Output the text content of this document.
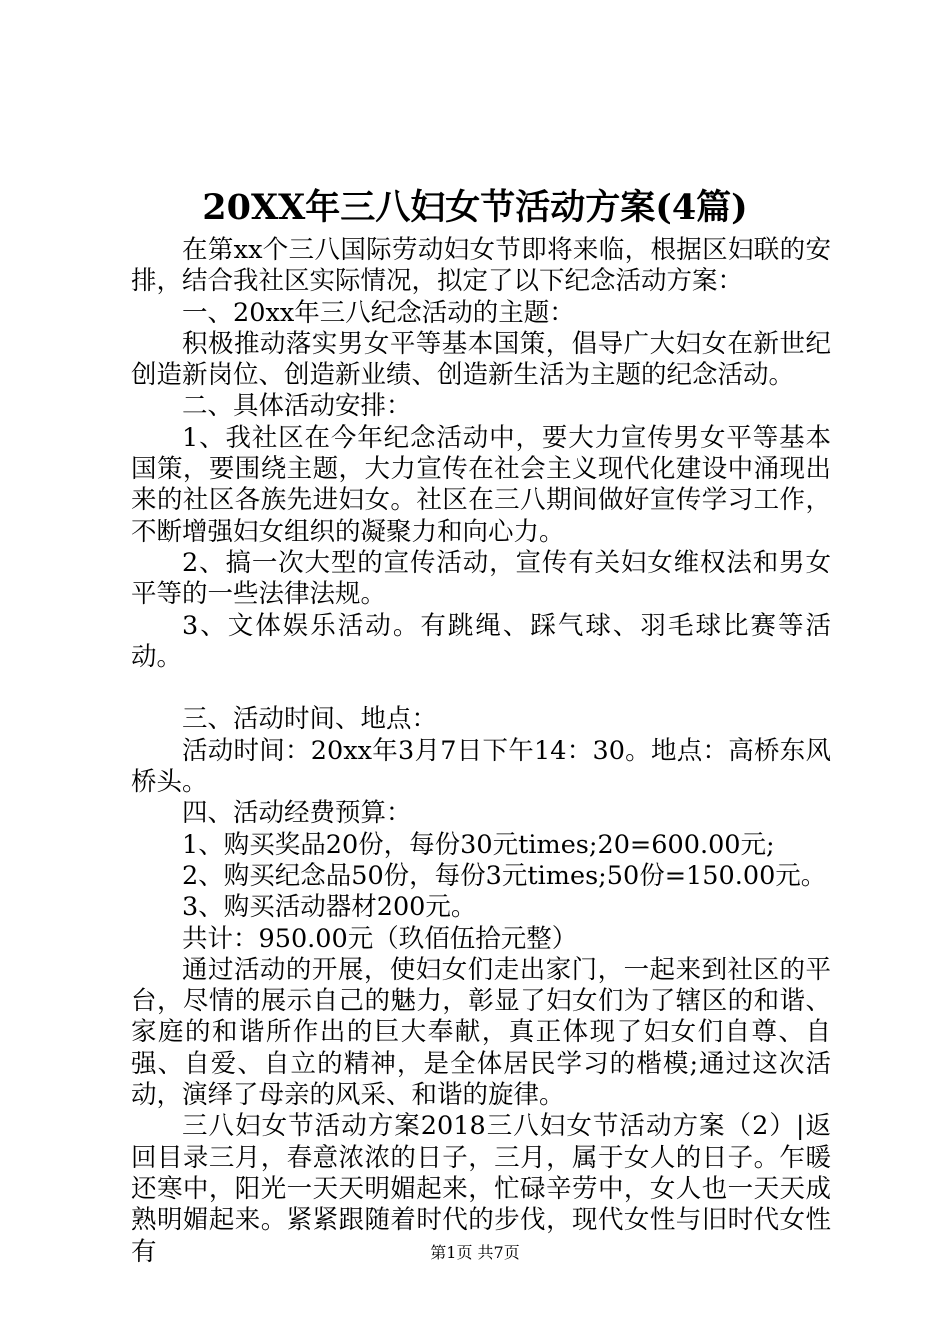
20XX年三八妇女节活动方案(4篇)

在第xx个三八国际劳动妇女节即将来临，根据区妇联的安排，结合我社区实际情况，拟定了以下纪念活动方案：

一、20xx年三八纪念活动的主题：

积极推动落实男女平等基本国策，倡导广大妇女在新世纪创造新岗位、创造新业绩、创造新生活为主题的纪念活动。

二、具体活动安排：

1、我社区在今年纪念活动中，要大力宣传男女平等基本国策，要围绕主题，大力宣传在社会主义现代化建设中涌现出来的社区各族先进妇女。社区在三八期间做好宣传学习工作，不断增强妇女组织的凝聚力和向心力。

2、搞一次大型的宣传活动，宣传有关妇女维权法和男女平等的一些法律法规。

3、文体娱乐活动。有跳绳、踩气球、羽毛球比赛等活动。

三、活动时间、地点：

活动时间：20xx年3月7日下午14：30。地点：高桥东风桥头。

四、活动经费预算：

1、购买奖品20份，每份30元times;20=600.00元;

2、购买纪念品50份，每份3元times;50份=150.00元。

3、购买活动器材200元。

共计：950.00元（玖佰伍拾元整）

通过活动的开展，使妇女们走出家门，一起来到社区的平台，尽情的展示自己的魅力，彰显了妇女们为了辖区的和谐、家庭的和谐所作出的巨大奉献，真正体现了妇女们自尊、自强、自爱、自立的精神，是全体居民学习的楷模;通过这次活动，演绎了母亲的风采、和谐的旋律。

三八妇女节活动方案2018三八妇女节活动方案（2）|返回目录三月，春意浓浓的日子，三月，属于女人的日子。乍暖还寒中，阳光一天天明媚起来，忙碌辛劳中，女人也一天天成熟明媚起来。紧紧跟随着时代的步伐，现代女性与旧时代女性有	第1页 共7页
